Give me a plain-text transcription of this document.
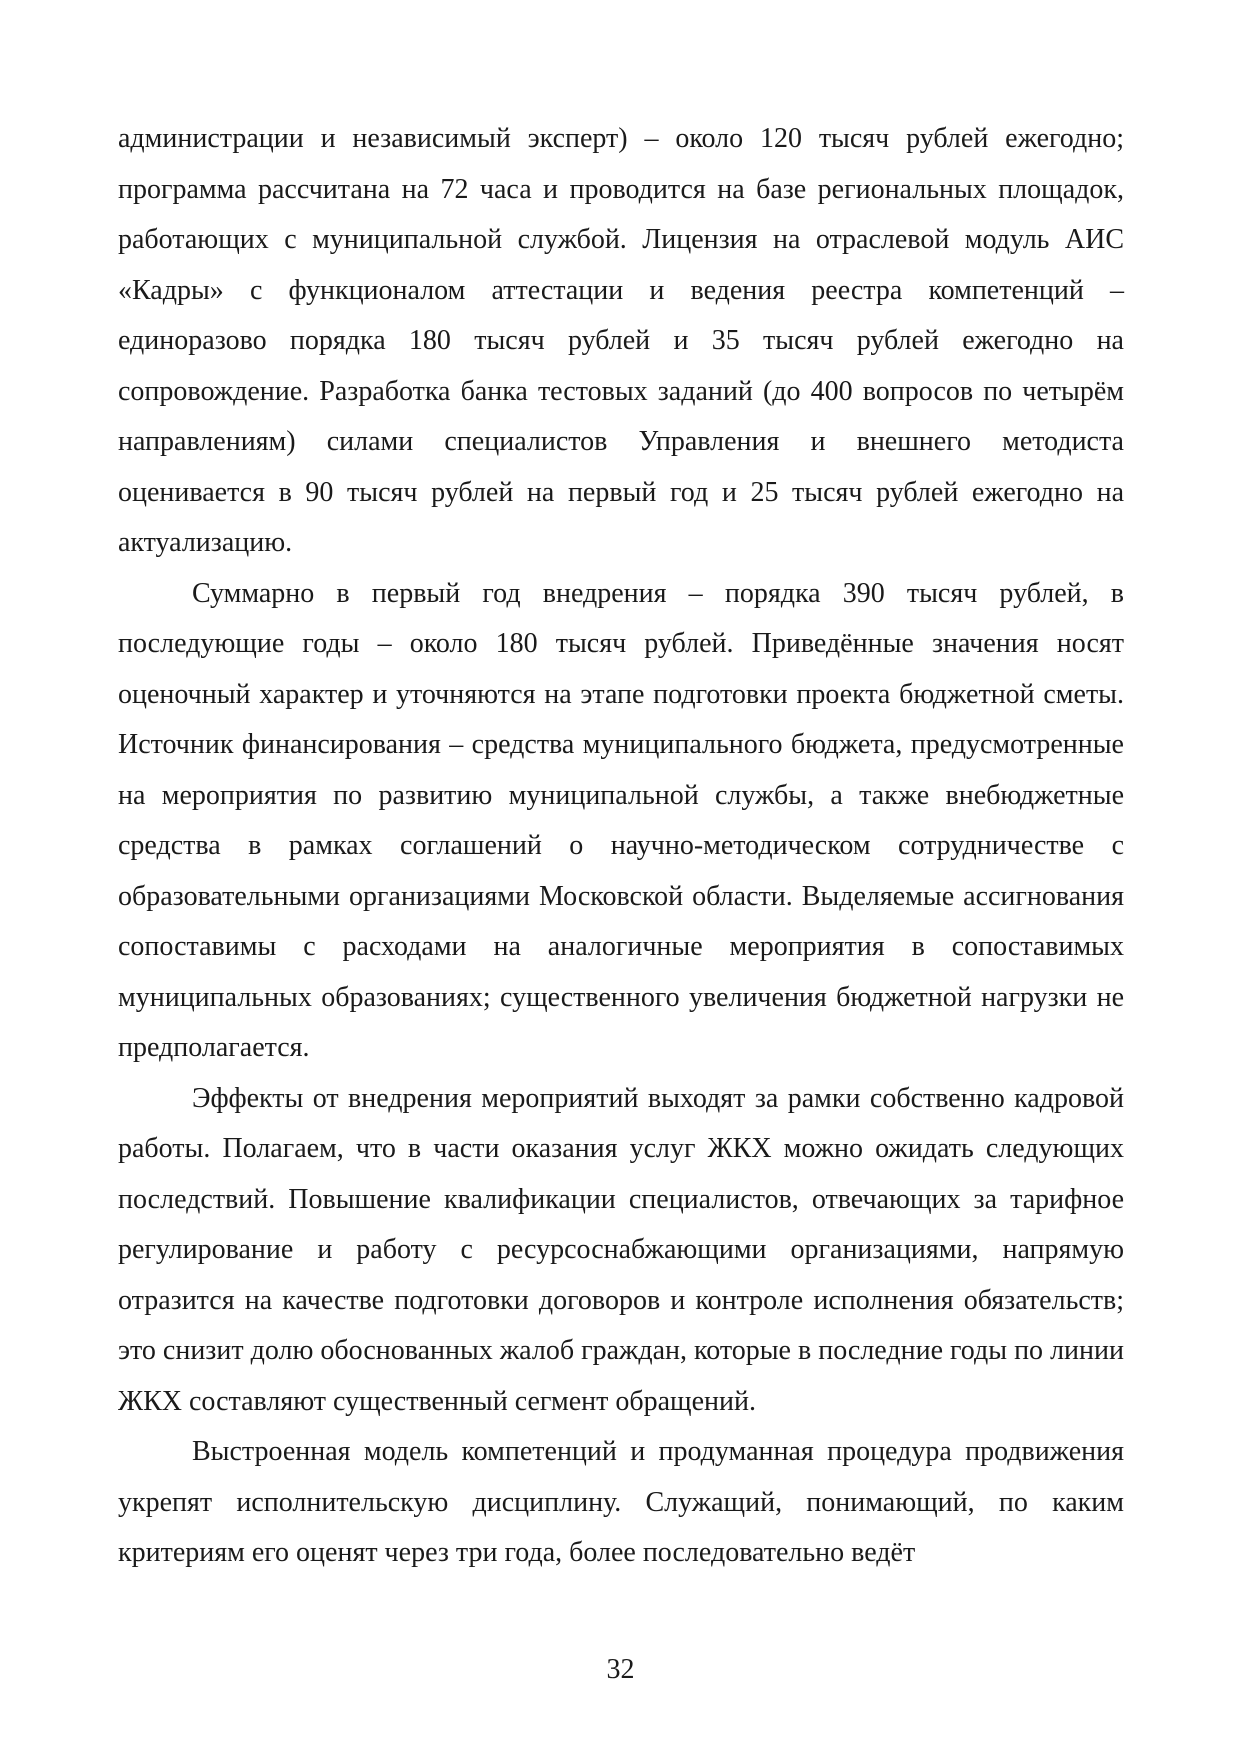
администрации и независимый эксперт) – около 120 тысяч рублей ежегодно; программа рассчитана на 72 часа и проводится на базе региональных площадок, работающих с муниципальной службой. Лицензия на отраслевой модуль АИС «Кадры» с функционалом аттестации и ведения реестра компетенций – единоразово порядка 180 тысяч рублей и 35 тысяч рублей ежегодно на сопровождение. Разработка банка тестовых заданий (до 400 вопросов по четырём направлениям) силами специалистов Управления и внешнего методиста оценивается в 90 тысяч рублей на первый год и 25 тысяч рублей ежегодно на актуализацию.

Суммарно в первый год внедрения – порядка 390 тысяч рублей, в последующие годы – около 180 тысяч рублей. Приведённые значения носят оценочный характер и уточняются на этапе подготовки проекта бюджетной сметы. Источник финансирования – средства муниципального бюджета, предусмотренные на мероприятия по развитию муниципальной службы, а также внебюджетные средства в рамках соглашений о научно-методическом сотрудничестве с образовательными организациями Московской области. Выделяемые ассигнования сопоставимы с расходами на аналогичные мероприятия в сопоставимых муниципальных образованиях; существенного увеличения бюджетной нагрузки не предполагается.

Эффекты от внедрения мероприятий выходят за рамки собственно кадровой работы. Полагаем, что в части оказания услуг ЖКХ можно ожидать следующих последствий. Повышение квалификации специалистов, отвечающих за тарифное регулирование и работу с ресурсоснабжающими организациями, напрямую отразится на качестве подготовки договоров и контроле исполнения обязательств; это снизит долю обоснованных жалоб граждан, которые в последние годы по линии ЖКХ составляют существенный сегмент обращений.

Выстроенная модель компетенций и продуманная процедура продвижения укрепят исполнительскую дисциплину. Служащий, понимающий, по каким критериям его оценят через три года, более последовательно ведёт

32
